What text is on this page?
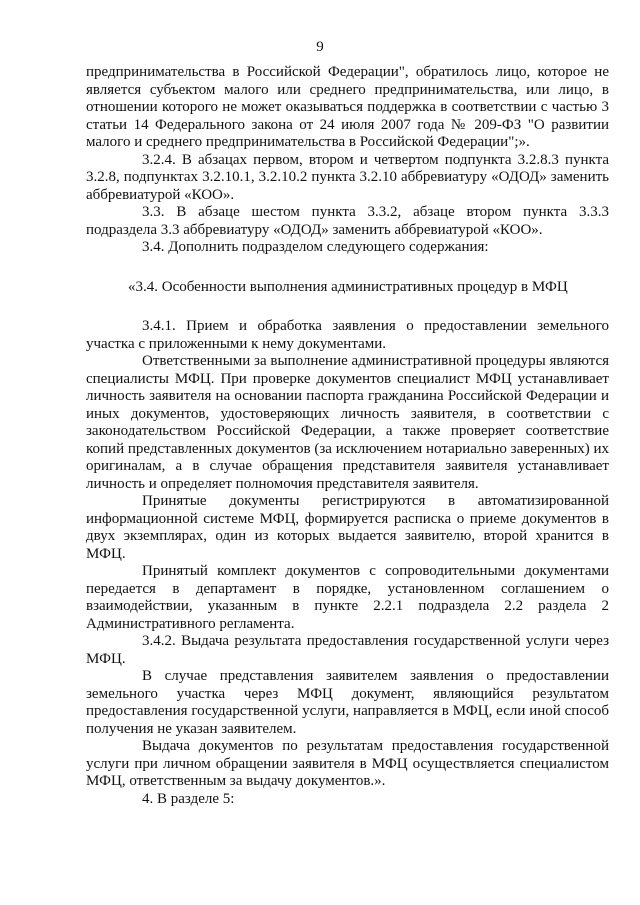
9

предпринимательства в Российской Федерации", обратилось лицо, которое не является субъектом малого или среднего предпринимательства, или лицо, в отношении которого не может оказываться поддержка в соответствии с частью 3 статьи 14 Федерального закона от 24 июля 2007 года № 209-ФЗ "О развитии малого и среднего предпринимательства в Российской Федерации";».

3.2.4. В абзацах первом, втором и четвертом подпункта 3.2.8.3 пункта 3.2.8, подпунктах 3.2.10.1, 3.2.10.2 пункта 3.2.10 аббревиатуру «ОДОД» заменить аббревиатурой «КОО».

3.3. В абзаце шестом пункта 3.3.2, абзаце втором пункта 3.3.3 подраздела 3.3 аббревиатуру «ОДОД» заменить аббревиатурой «КОО».

3.4. Дополнить подразделом следующего содержания:

«3.4. Особенности выполнения административных процедур в МФЦ

3.4.1. Прием и обработка заявления о предоставлении земельного участка с приложенными к нему документами.

Ответственными за выполнение административной процедуры являются специалисты МФЦ. При проверке документов специалист МФЦ устанавливает личность заявителя на основании паспорта гражданина Российской Федерации и иных документов, удостоверяющих личность заявителя, в соответствии с законодательством Российской Федерации, а также проверяет соответствие копий представленных документов (за исключением нотариально заверенных) их оригиналам, а в случае обращения представителя заявителя устанавливает личность и определяет полномочия представителя заявителя.

Принятые документы регистрируются в автоматизированной информационной системе МФЦ, формируется расписка о приеме документов в двух экземплярах, один из которых выдается заявителю, второй хранится в МФЦ.

Принятый комплект документов с сопроводительными документами передается в департамент в порядке, установленном соглашением о взаимодействии, указанным в пункте 2.2.1 подраздела 2.2 раздела 2 Административного регламента.

3.4.2. Выдача результата предоставления государственной услуги через МФЦ.

В случае представления заявителем заявления о предоставлении земельного участка через МФЦ документ, являющийся результатом предоставления государственной услуги, направляется в МФЦ, если иной способ получения не указан заявителем.

Выдача документов по результатам предоставления государственной услуги при личном обращении заявителя в МФЦ осуществляется специалистом МФЦ, ответственным за выдачу документов.».

4. В разделе 5:
